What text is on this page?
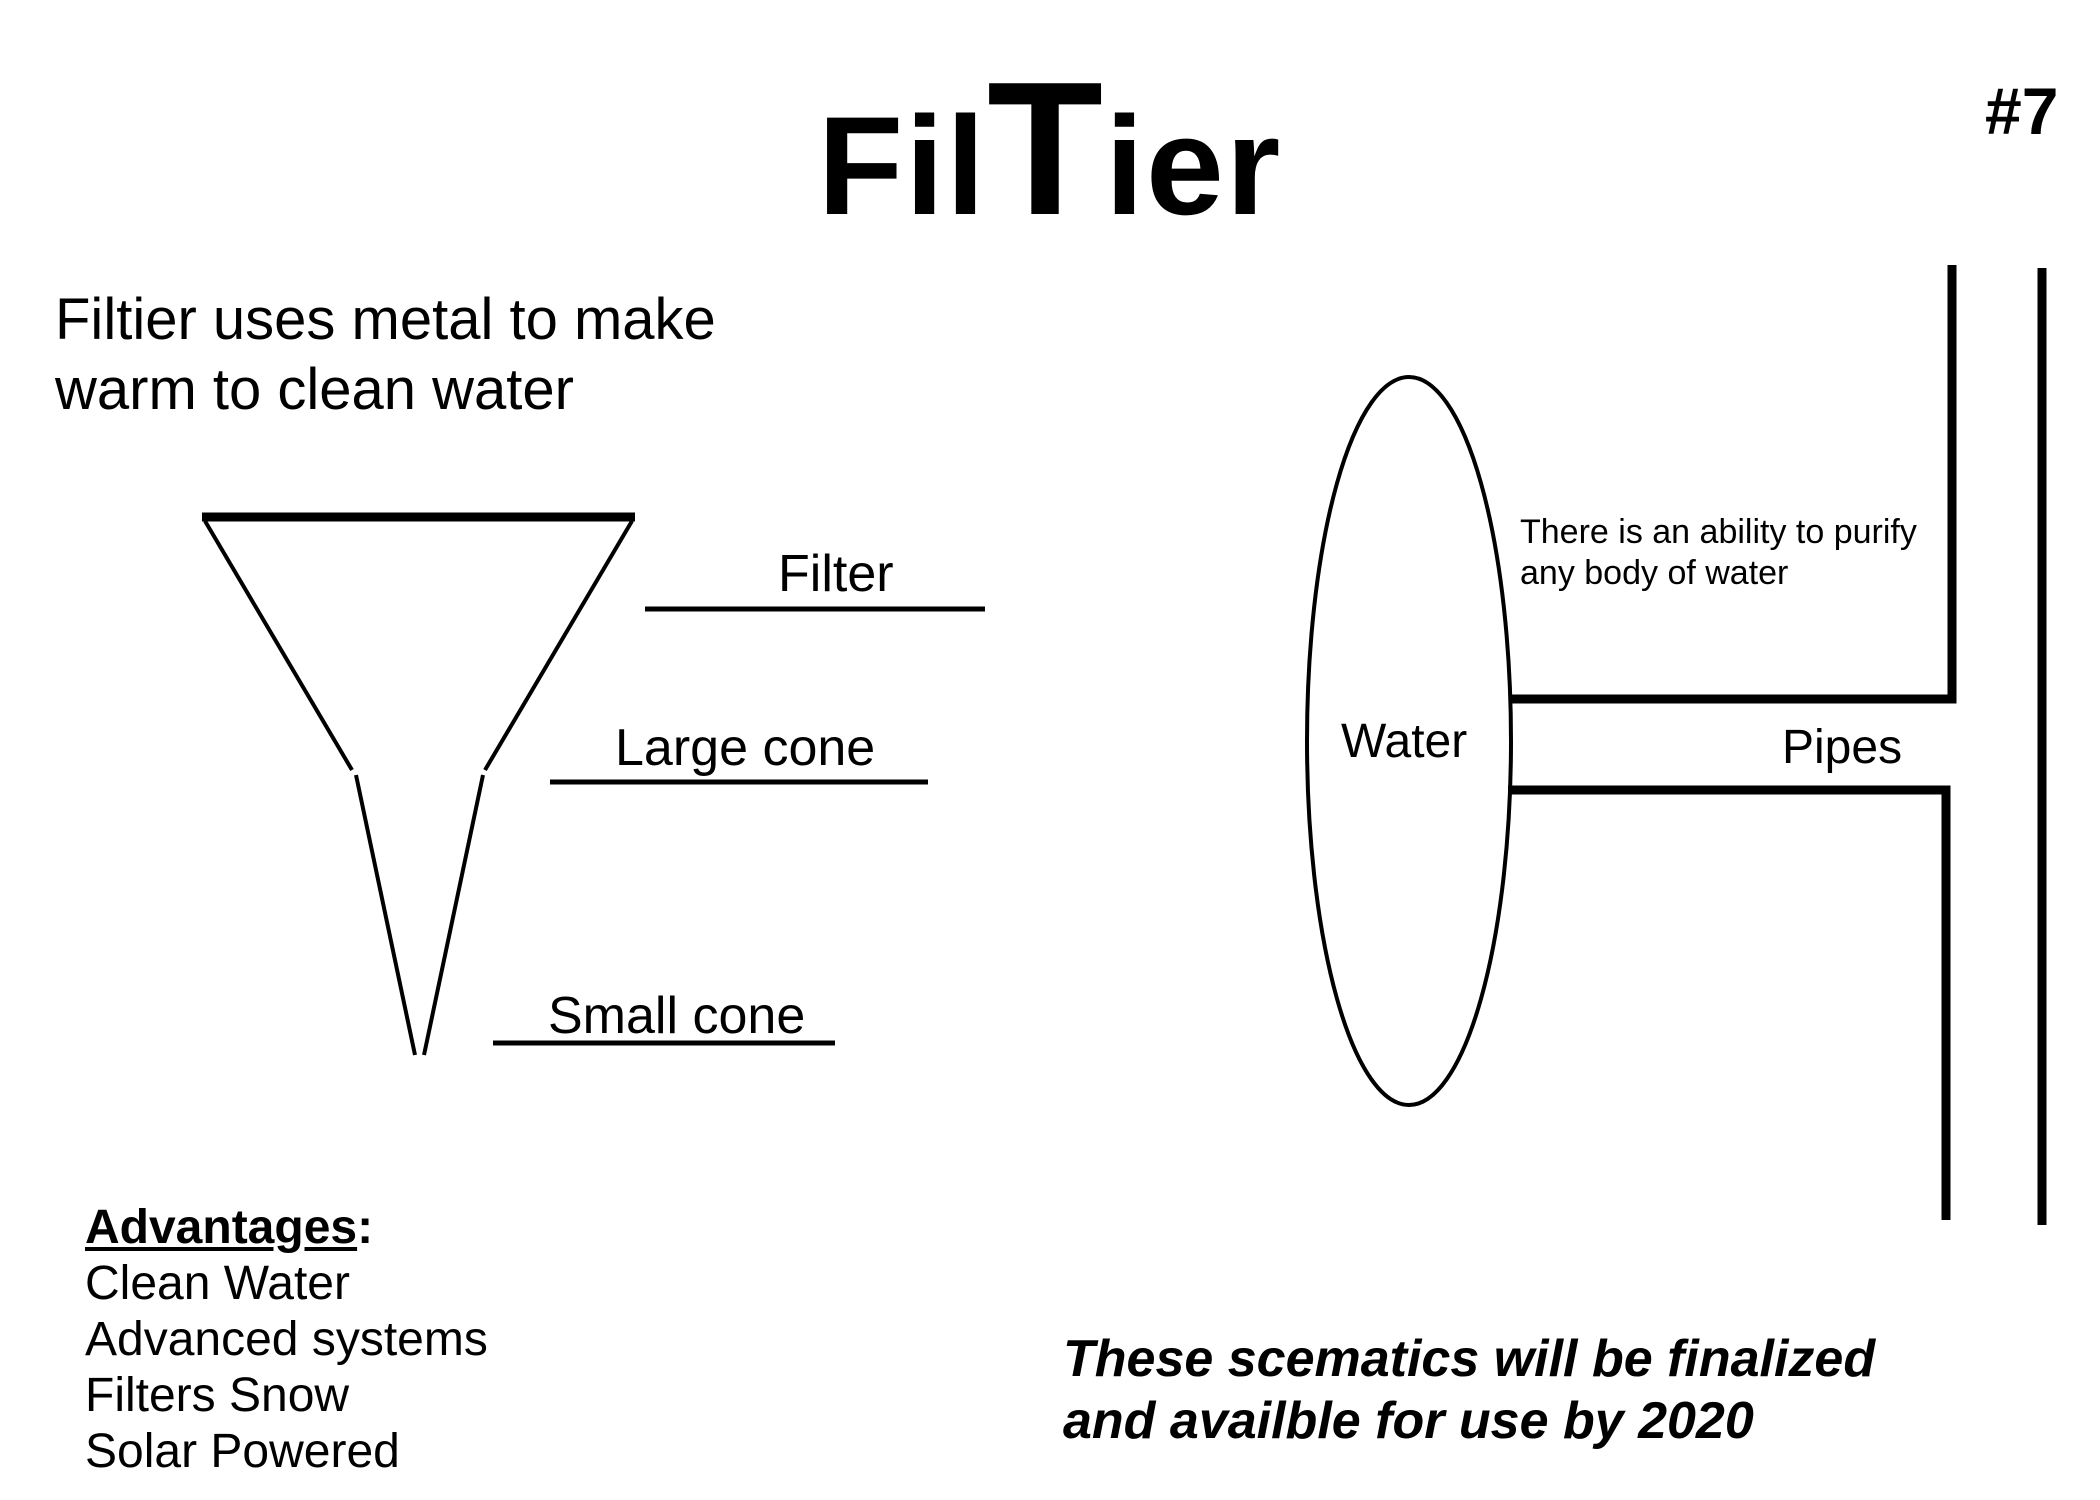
FilTier	#7
Filtier uses metal to make
warm to clean water
Filter
Large cone
Small cone
Water	Pipes
There is an ability to purify
any body of water
Advantages:
Clean Water
Advanced systems
Filters Snow
Solar Powered
These scematics will be finalized
and availble for use by 2020
